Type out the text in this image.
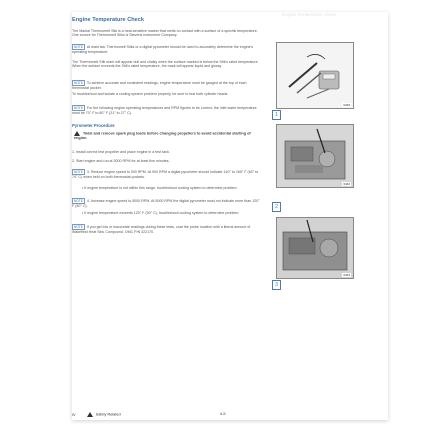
Engine Temperature Check
Engine Temperature Check
The Markal Thermomelt Stik is a heat-sensitive marker that melts on contact with a surface of a specific temperature. One source for Thermomelt Stiks is Stevens Instrument Company.
NOTE At least two Thermomelt Stiks or a digital pyrometer should be used to accurately determine the engine's operating temperature.
The Thermomelt Stik mark will appear dull and chalky when the surface marked is below the Stik's rated temperature. When the surface exceeds the Stik's rated temperature, the mark will appear liquid and glossy.
NOTE To achieve accurate and consistent readings, engine temperature must be gauged at the top of each thermostat pocket.
To troubleshoot and isolate a cooling system problem properly, be sure to test both cylinder heads.
NOTE For the following engine operating temperatures and RPM figures to be correct, the inlet water temperature must be 70° F to 80° F (21° to 27° C).
Pyrometer Procedure
Twist and remove spark plug leads before changing propellers to avoid accidental starting of engine.
1. Install correct test propeller and place engine in a test tank.
2. Start engine and run at 3000 RPM for at least five minutes.
NOTE 3. Reduce engine speed to 900 RPM. At 900 RPM a digital pyrometer should indicate 140° to 165° F (60° to 74° C) when held on both thermostat pockets.
• If engine temperature is not within this range, troubleshoot cooling system to determine problem.
NOTE 4. Increase engine speed to 5000 RPM. At 5000 RPM the digital pyrometer must not indicate more than 120° F (50° C).
• If engine temperature exceeds 120° F (50° C), troubleshoot cooling system to determine problem.
NOTE If you get low or inaccurate readings during these tests, coat the probe location with a liberal amount of Wakefield Heat Sink Compound, OMC P/N 322170.
6469
1
6462
2
6463
3
IV	Safety Related	4-5
